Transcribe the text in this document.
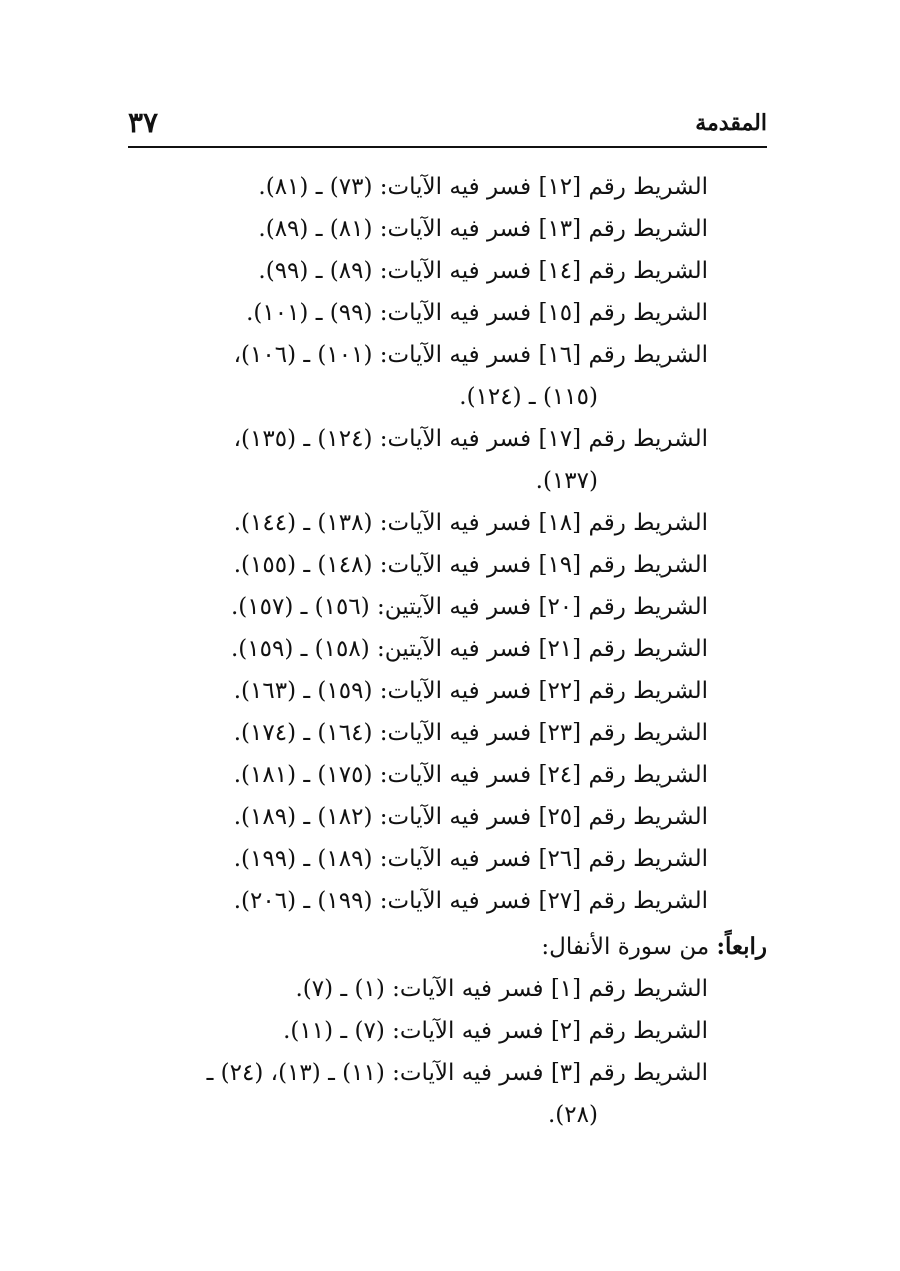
المقدمة
٣٧
الشريط رقم [١٢] فسر فيه الآيات: (٧٣) ـ (٨١).
الشريط رقم [١٣] فسر فيه الآيات: (٨١) ـ (٨٩).
الشريط رقم [١٤] فسر فيه الآيات: (٨٩) ـ (٩٩).
الشريط رقم [١٥] فسر فيه الآيات: (٩٩) ـ (١٠١).
الشريط رقم [١٦] فسر فيه الآيات: (١٠١) ـ (١٠٦)،
(١١٥) ـ (١٢٤).
الشريط رقم [١٧] فسر فيه الآيات: (١٢٤) ـ (١٣٥)،
(١٣٧).
الشريط رقم [١٨] فسر فيه الآيات: (١٣٨) ـ (١٤٤).
الشريط رقم [١٩] فسر فيه الآيات: (١٤٨) ـ (١٥٥).
الشريط رقم [٢٠] فسر فيه الآيتين: (١٥٦) ـ (١٥٧).
الشريط رقم [٢١] فسر فيه الآيتين: (١٥٨) ـ (١٥٩).
الشريط رقم [٢٢] فسر فيه الآيات: (١٥٩) ـ (١٦٣).
الشريط رقم [٢٣] فسر فيه الآيات: (١٦٤) ـ (١٧٤).
الشريط رقم [٢٤] فسر فيه الآيات: (١٧٥) ـ (١٨١).
الشريط رقم [٢٥] فسر فيه الآيات: (١٨٢) ـ (١٨٩).
الشريط رقم [٢٦] فسر فيه الآيات: (١٨٩) ـ (١٩٩).
الشريط رقم [٢٧] فسر فيه الآيات: (١٩٩) ـ (٢٠٦).
رابعاً: من سورة الأنفال:
الشريط رقم [١] فسر فيه الآيات: (١) ـ (٧).
الشريط رقم [٢] فسر فيه الآيات: (٧) ـ (١١).
الشريط رقم [٣] فسر فيه الآيات: (١١) ـ (١٣)، (٢٤) ـ
(٢٨).
